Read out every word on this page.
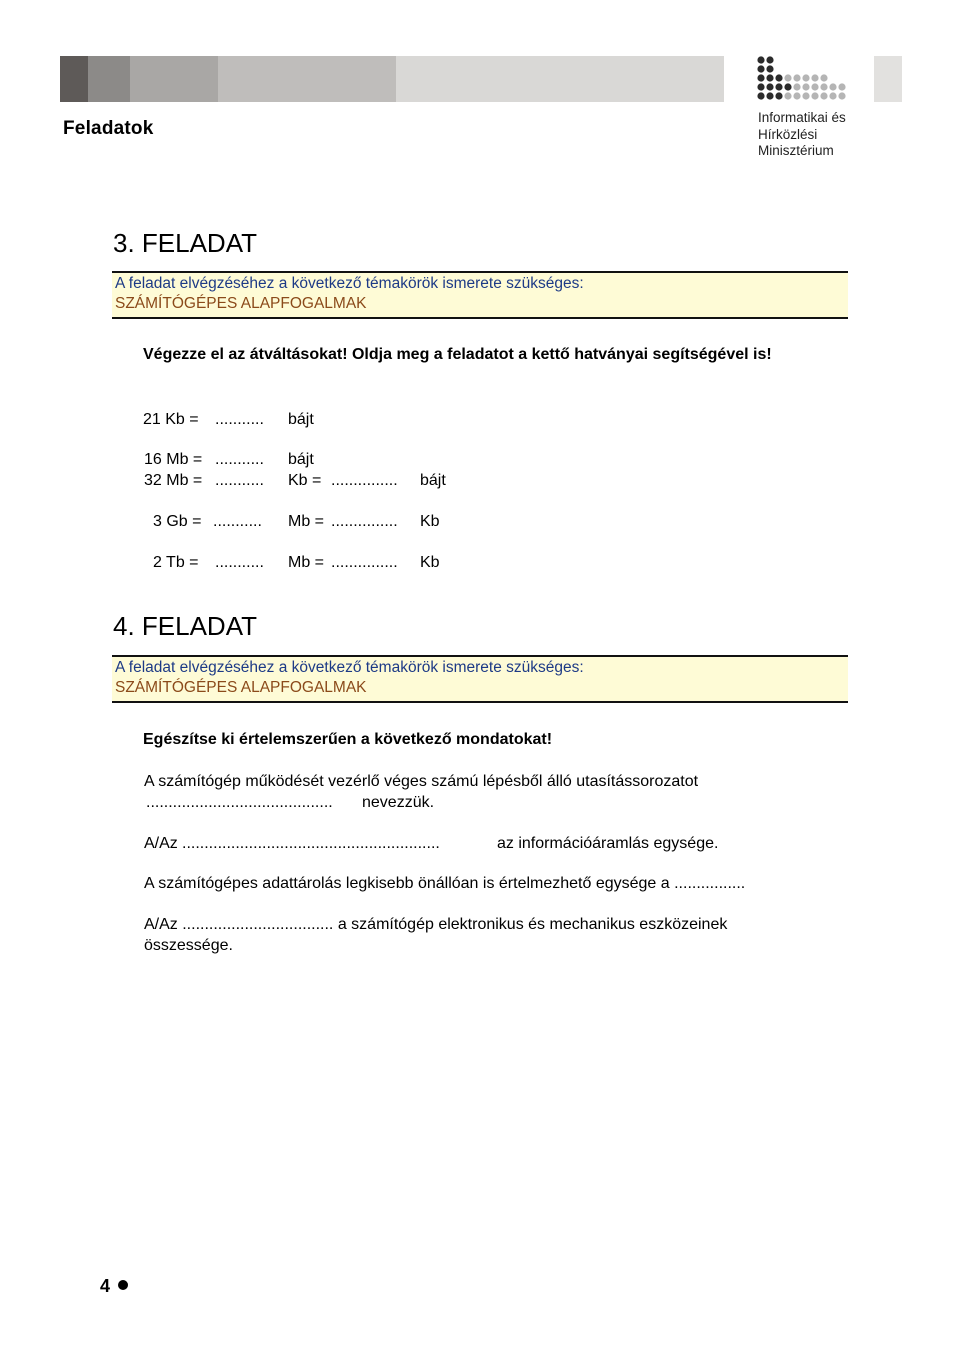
Feladatok
Informatikai és
Hírközlési
Minisztérium
3. FELADAT
A feladat elvégzéséhez a következő témakörök ismerete szükséges:
SZÁMÍTÓGÉPES ALAPFOGALMAK
Végezze el az átváltásokat! Oldja meg a feladatot a kettő hatványai segítségével is!
21 Kb = ........... bájt
16 Mb = ........... bájt
32 Mb = ........... Kb = ............... bájt
3 Gb = ........... Mb = ............... Kb
2 Tb = ........... Mb = ............... Kb
4. FELADAT
A feladat elvégzéséhez a következő témakörök ismerete szükséges:
SZÁMÍTÓGÉPES ALAPFOGALMAK
Egészítse ki értelemszerűen a következő mondatokat!
A számítógép működését vezérlő véges számú lépésből álló utasítássorozatot
.......................................... nevezzük.
A/Az ..........................................................	az információáramlás egysége.
A számítógépes adattárolás legkisebb önállóan is értelmezhető egysége a ................
A/Az .................................. a számítógép elektronikus és mechanikus eszközeinek
összessége.
4
